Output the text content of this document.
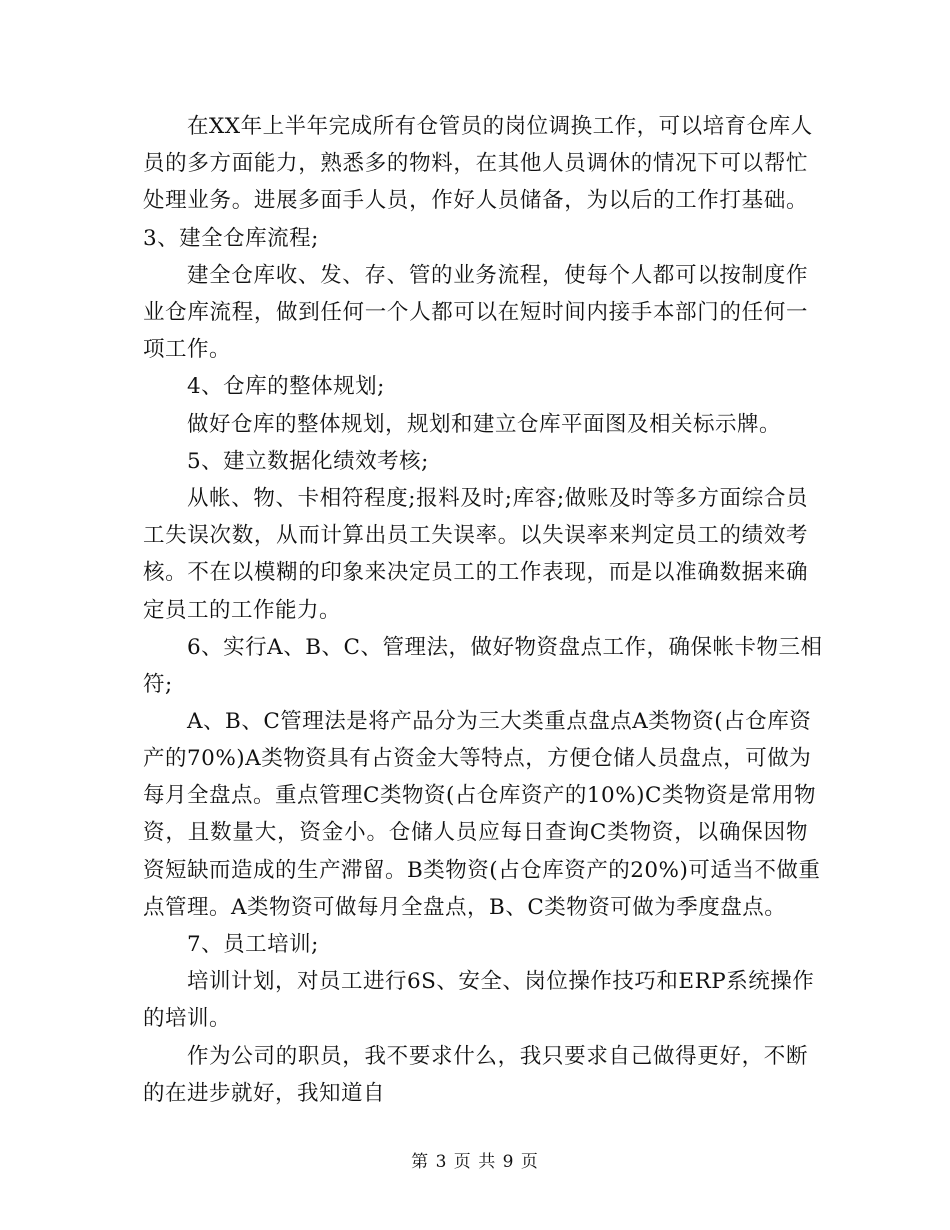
在XX年上半年完成所有仓管员的岗位调换工作，可以培育仓库人
员的多方面能力，熟悉多的物料，在其他人员调休的情况下可以帮忙
处理业务。进展多面手人员，作好人员储备，为以后的工作打基础。
3、建全仓库流程;
建全仓库收、发、存、管的业务流程，使每个人都可以按制度作
业仓库流程，做到任何一个人都可以在短时间内接手本部门的任何一
项工作。
4、仓库的整体规划;
做好仓库的整体规划，规划和建立仓库平面图及相关标示牌。
5、建立数据化绩效考核;
从帐、物、卡相符程度;报料及时;库容;做账及时等多方面综合员
工失误次数，从而计算出员工失误率。以失误率来判定员工的绩效考
核。不在以模糊的印象来决定员工的工作表现，而是以准确数据来确
定员工的工作能力。
6、实行A、B、C、管理法，做好物资盘点工作，确保帐卡物三相
符;
A、B、C管理法是将产品分为三大类重点盘点A类物资(占仓库资
产的70%)A类物资具有占资金大等特点，方便仓储人员盘点，可做为
每月全盘点。重点管理C类物资(占仓库资产的10%)C类物资是常用物
资，且数量大，资金小。仓储人员应每日查询C类物资，以确保因物
资短缺而造成的生产滞留。B类物资(占仓库资产的20%)可适当不做重
点管理。A类物资可做每月全盘点，B、C类物资可做为季度盘点。
7、员工培训;
培训计划，对员工进行6S、安全、岗位操作技巧和ERP系统操作
的培训。
作为公司的职员，我不要求什么，我只要求自己做得更好，不断
的在进步就好，我知道自
第 3 页 共 9 页
